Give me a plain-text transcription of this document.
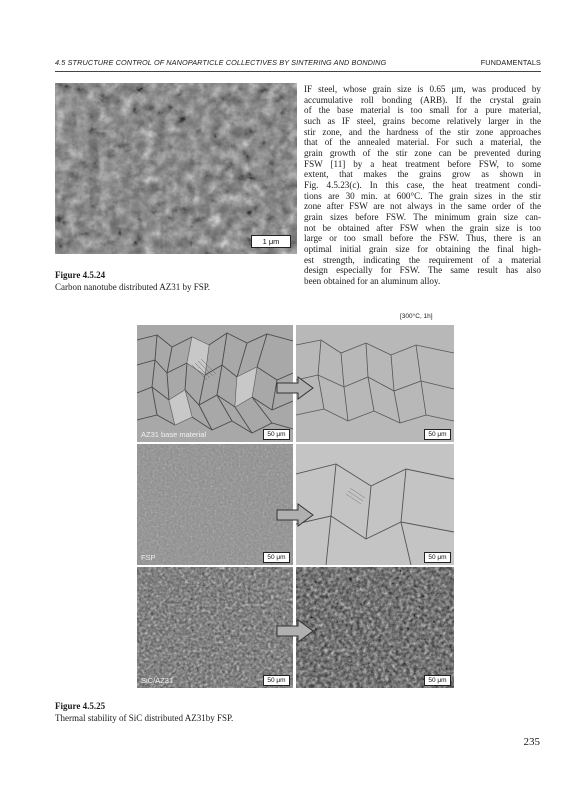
4.5 STRUCTURE CONTROL OF NANOPARTICLE COLLECTIVES BY SINTERING AND BONDING	FUNDAMENTALS
1 μm
Figure 4.5.24
Carbon nanotube distributed AZ31 by FSP.
IF steel, whose grain size is 0.65 μm, was produced by
accumulative roll bonding (ARB). If the crystal grain
of the base material is too small for a pure material,
such as IF steel, grains become relatively larger in the
stir zone, and the hardness of the stir zone approaches
that of the annealed material. For such a material, the
grain growth of the stir zone can be prevented during
FSW [11] by a heat treatment before FSW, to some
extent, that makes the grains grow as shown in
Fig. 4.5.23(c). In this case, the heat treatment condi-
tions are 30 min. at 600°C. The grain sizes in the stir
zone after FSW are not always in the same order of the
grain sizes before FSW. The minimum grain size can-
not be obtained after FSW when the grain size is too
large or too small before the FSW. Thus, there is an
optimal initial grain size for obtaining the final high-
est strength, indicating the requirement of a material
design especially for FSW. The same result has also
been obtained for an aluminum alloy.
[300°C, 1h]
AZ31 base material	50 μm	50 μm
FSP	50 μm	50 μm
SiC/AZ31	50 μm	50 μm
Figure 4.5.25
Thermal stability of SiC distributed AZ31by FSP.
235
